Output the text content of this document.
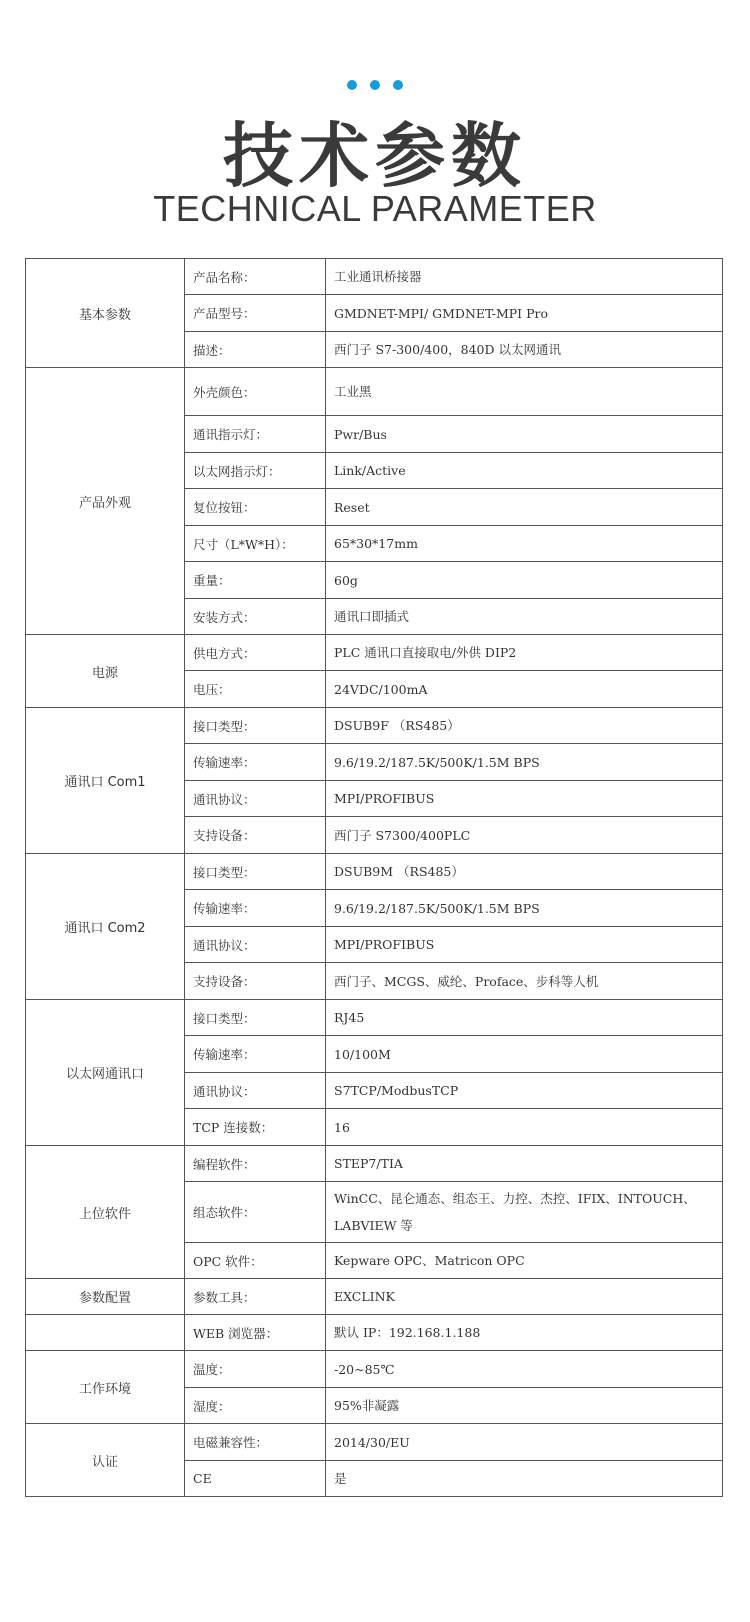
技术参数
TECHNICAL PARAMETER
基本参数	产品名称：	工业通讯桥接器
	产品型号：	GMDNET-MPI/ GMDNET-MPI Pro
	描述：	西门子 S7-300/400，840D 以太网通讯
产品外观	外壳颜色：	工业黑
	通讯指示灯：	Pwr/Bus
	以太网指示灯：	Link/Active
	复位按钮：	Reset
	尺寸（L*W*H）：	65*30*17mm
	重量：	60g
	安装方式：	通讯口即插式
电源	供电方式：	PLC 通讯口直接取电/外供 DIP2
	电压：	24VDC/100mA
通讯口 Com1	接口类型：	DSUB9F （RS485）
	传输速率：	9.6/19.2/187.5K/500K/1.5M BPS
	通讯协议：	MPI/PROFIBUS
	支持设备：	西门子 S7300/400PLC
通讯口 Com2	接口类型：	DSUB9M （RS485）
	传输速率：	9.6/19.2/187.5K/500K/1.5M BPS
	通讯协议：	MPI/PROFIBUS
	支持设备：	西门子、MCGS、威纶、Proface、步科等人机
以太网通讯口	接口类型：	RJ45
	传输速率：	10/100M
	通讯协议：	S7TCP/ModbusTCP
	TCP 连接数：	16
上位软件	编程软件：	STEP7/TIA
	组态软件：	WinCC、昆仑通态、组态王、力控、杰控、IFIX、INTOUCH、LABVIEW 等
	OPC 软件：	Kepware OPC、Matricon OPC
参数配置	参数工具：	EXCLINK
	WEB 浏览器：	默认 IP：192.168.1.188
工作环境	温度：	-20~85℃
	湿度：	95%非凝露
认证	电磁兼容性：	2014/30/EU
	CE	是
